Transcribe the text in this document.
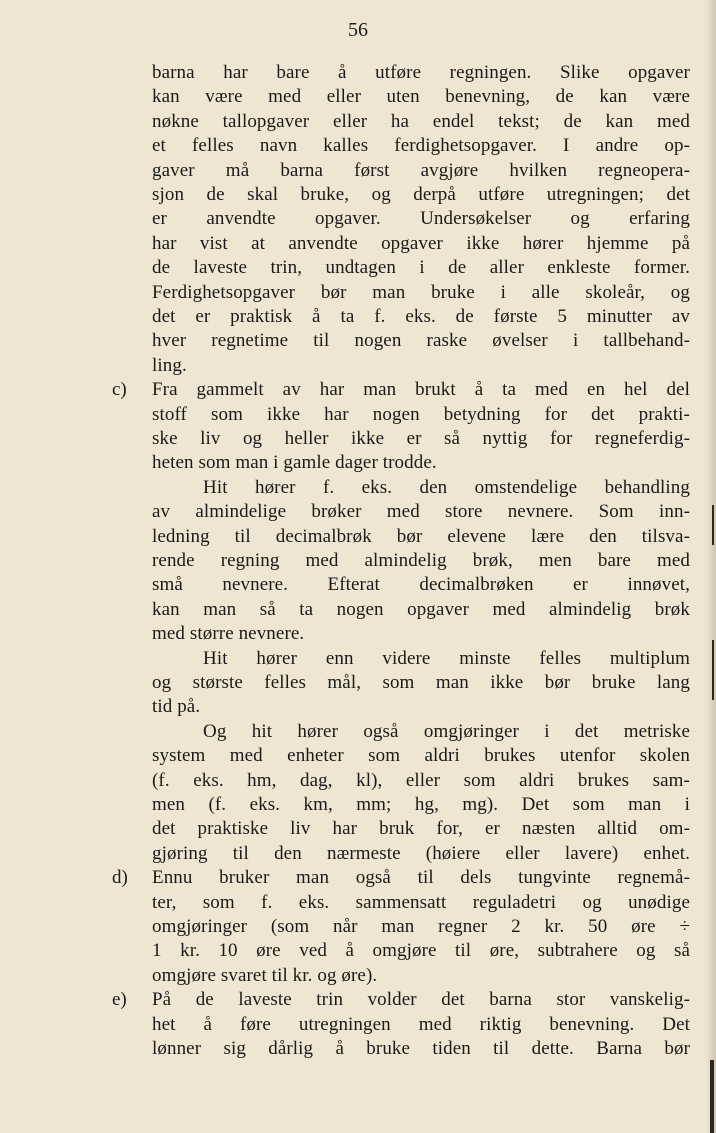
56
barna har bare å utføre regningen. Slike opgaver
kan være med eller uten benevning, de kan være
nøkne tallopgaver eller ha endel tekst; de kan med
et felles navn kalles ferdighetsopgaver. I andre op-
gaver må barna først avgjøre hvilken regneopera-
sjon de skal bruke, og derpå utføre utregningen; det
er anvendte opgaver. Undersøkelser og erfaring
har vist at anvendte opgaver ikke hører hjemme på
de laveste trin, undtagen i de aller enkleste former.
Ferdighetsopgaver bør man bruke i alle skoleår, og
det er praktisk å ta f. eks. de første 5 minutter av
hver regnetime til nogen raske øvelser i tallbehand-
ling.
c)	Fra gammelt av har man brukt å ta med en hel del
stoff som ikke har nogen betydning for det prakti-
ske liv og heller ikke er så nyttig for regneferdig-
heten som man i gamle dager trodde.
Hit hører f. eks. den omstendelige behandling
av almindelige brøker med store nevnere. Som inn-
ledning til decimalbrøk bør elevene lære den tilsva-
rende regning med almindelig brøk, men bare med
små nevnere. Efterat decimalbrøken er innøvet,
kan man så ta nogen opgaver med almindelig brøk
med større nevnere.
Hit hører enn videre minste felles multiplum
og største felles mål, som man ikke bør bruke lang
tid på.
Og hit hører også omgjøringer i det metriske
system med enheter som aldri brukes utenfor skolen
(f. eks. hm, dag, kl), eller som aldri brukes sam-
men (f. eks. km, mm; hg, mg). Det som man i
det praktiske liv har bruk for, er næsten alltid om-
gjøring til den nærmeste (høiere eller lavere) enhet.
d)	Ennu bruker man også til dels tungvinte regnemå-
ter, som f. eks. sammensatt reguladetri og unødige
omgjøringer (som når man regner 2 kr. 50 øre ÷
1 kr. 10 øre ved å omgjøre til øre, subtrahere og så
omgjøre svaret til kr. og øre).
e)	På de laveste trin volder det barna stor vanskelig-
het å føre utregningen med riktig benevning. Det
lønner sig dårlig å bruke tiden til dette. Barna bør
